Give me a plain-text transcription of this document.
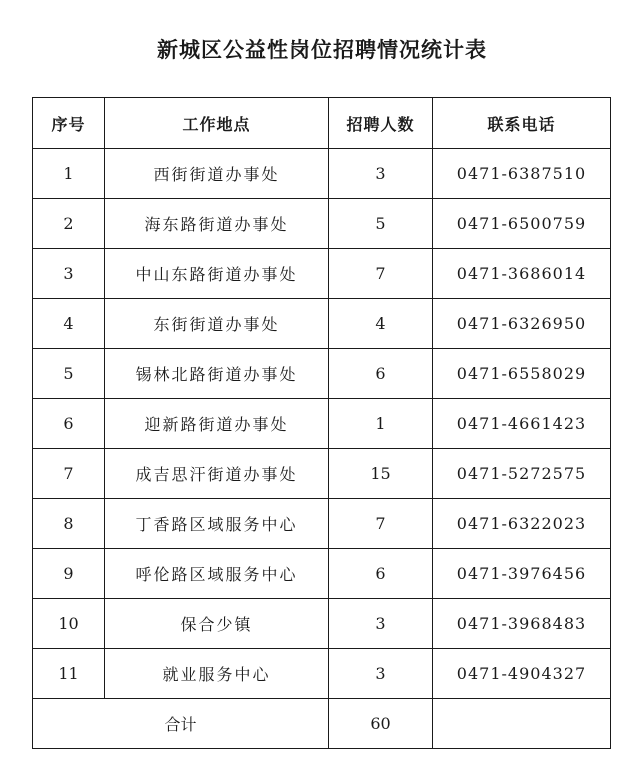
新城区公益性岗位招聘情况统计表
序号	工作地点	招聘人数	联系电话
1	西街街道办事处	3	0471-6387510
2	海东路街道办事处	5	0471-6500759
3	中山东路街道办事处	7	0471-3686014
4	东街街道办事处	4	0471-6326950
5	锡林北路街道办事处	6	0471-6558029
6	迎新路街道办事处	1	0471-4661423
7	成吉思汗街道办事处	15	0471-5272575
8	丁香路区域服务中心	7	0471-6322023
9	呼伦路区域服务中心	6	0471-3976456
10	保合少镇	3	0471-3968483
11	就业服务中心	3	0471-4904327
合计		60	
